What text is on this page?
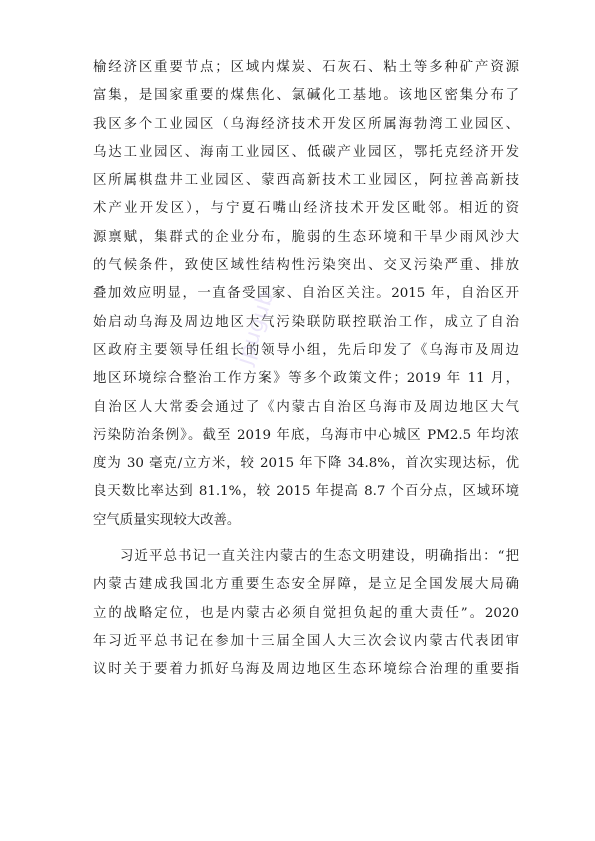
榆经济区重要节点；区域内煤炭、石灰石、粘土等多种矿产资源
富集，是国家重要的煤焦化、氯碱化工基地。该地区密集分布了
我区多个工业园区（乌海经济技术开发区所属海勃湾工业园区、
乌达工业园区、海南工业园区、低碳产业园区，鄂托克经济开发
区所属棋盘井工业园区、蒙西高新技术工业园区，阿拉善高新技
术产业开发区），与宁夏石嘴山经济技术开发区毗邻。相近的资
源禀赋，集群式的企业分布，脆弱的生态环境和干旱少雨风沙大
的气候条件，致使区域性结构性污染突出、交叉污染严重、排放
叠加效应明显，一直备受国家、自治区关注。2015 年，自治区开
始启动乌海及周边地区大气污染联防联控联治工作，成立了自治
区政府主要领导任组长的领导小组，先后印发了《乌海市及周边
地区环境综合整治工作方案》等多个政策文件；2019 年 11 月，
自治区人大常委会通过了《内蒙古自治区乌海市及周边地区大气
污染防治条例》。截至 2019 年底，乌海市中心城区 PM2.5 年均浓
度为 30 毫克/立方米，较 2015 年下降 34.8%，首次实现达标，优
良天数比率达到 81.1%，较 2015 年提高 8.7 个百分点，区域环境
空气质量实现较大改善。
习近平总书记一直关注内蒙古的生态文明建设，明确指出：“把
内蒙古建成我国北方重要生态安全屏障，是立足全国发展大局确
立的战略定位，也是内蒙古必须自觉担负起的重大责任”。2020
年习近平总书记在参加十三届全国人大三次会议内蒙古代表团审
议时关于要着力抓好乌海及周边地区生态环境综合治理的重要指
jpugub
